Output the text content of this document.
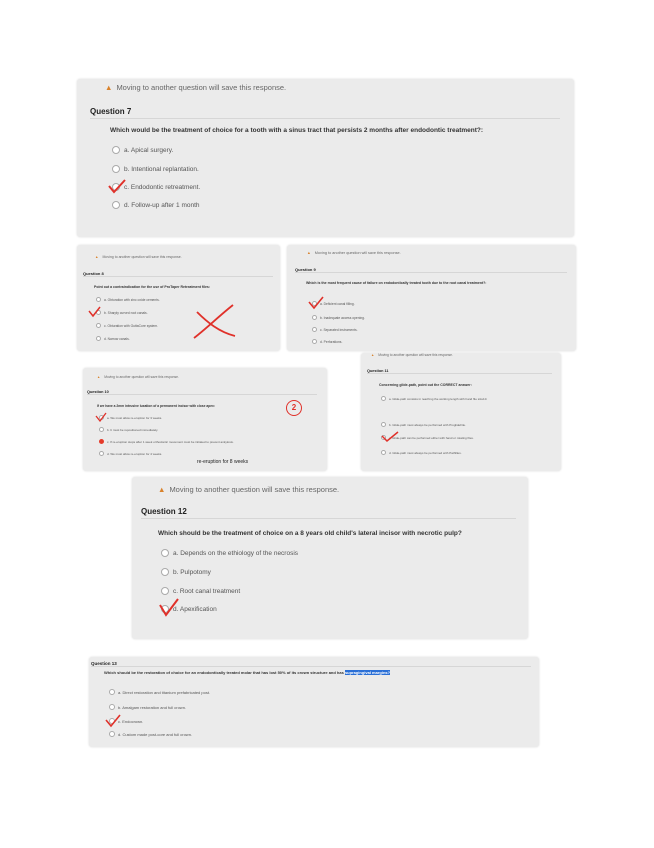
▲ Moving to another question will save this response.
Question 7
Which would be the treatment of choice for a tooth with a sinus tract that persists 2 months after endodontic treatment?:
a. Apical surgery.
b. Intentional replantation.
c. Endodontic retreatment.
d. Follow-up after 1 month
▲ Moving to another question will save this response.
Question 8
Point out a contraindication for the use of ProTaper Retreatment files:
a. Obturation with zinc oxide cements.
b. Sharply curved root canals.
c. Obturation with GuttaCore system.
d. Narrow canals.
▲ Moving to another question will save this response.
Question 9
Which is the most frequent cause of failure on endodontically treated tooth due to the root canal treatment?:
a. Deficient canal filling.
b. Inadequate access opening.
c. Separated instruments.
d. Perforations.
▲ Moving to another question will save this response.
Question 10
If we have a 2mm intrusive luxation of a permanent incisor with close apex:
a. We must allow re-eruption for 3 weeks.
b. It must be repositioned immediately.
c. If re-eruption stops after 1 week orthodontic movement must be initiated to prevent ankylosis.
d. We must allow re-eruption for 4 weeks.
re-eruption for 8 weeks
2
▲ Moving to another question will save this response.
Question 11
Concerning glide-path, point out the CORRECT answer:
a. Glide-path consists in reaching the working length with hand file size10.
b. Glide-path must always be performed with ProglideFile.
c. Glide-path can be performed either with hand or rotating files.
d. Glide-path must always be performed with Pathfiles.
▲ Moving to another question will save this response.
Question 12
Which should be the treatment of choice on a 8 years old child's lateral incisor with necrotic pulp?
a. Depends on the ethiology of the necrosis
b. Pulpotomy
c. Root canal treatment
d. Apexification
Question 13
Which should be the restoration of choice for an endodontically treated molar that has lost 50% of its crown structure and has supragingival margins?
a. Direct restoration and titanium prefabricated post.
b. Amalgam restoration and full crown.
c. Endocrown.
d. Custom made post-core and full crown.
